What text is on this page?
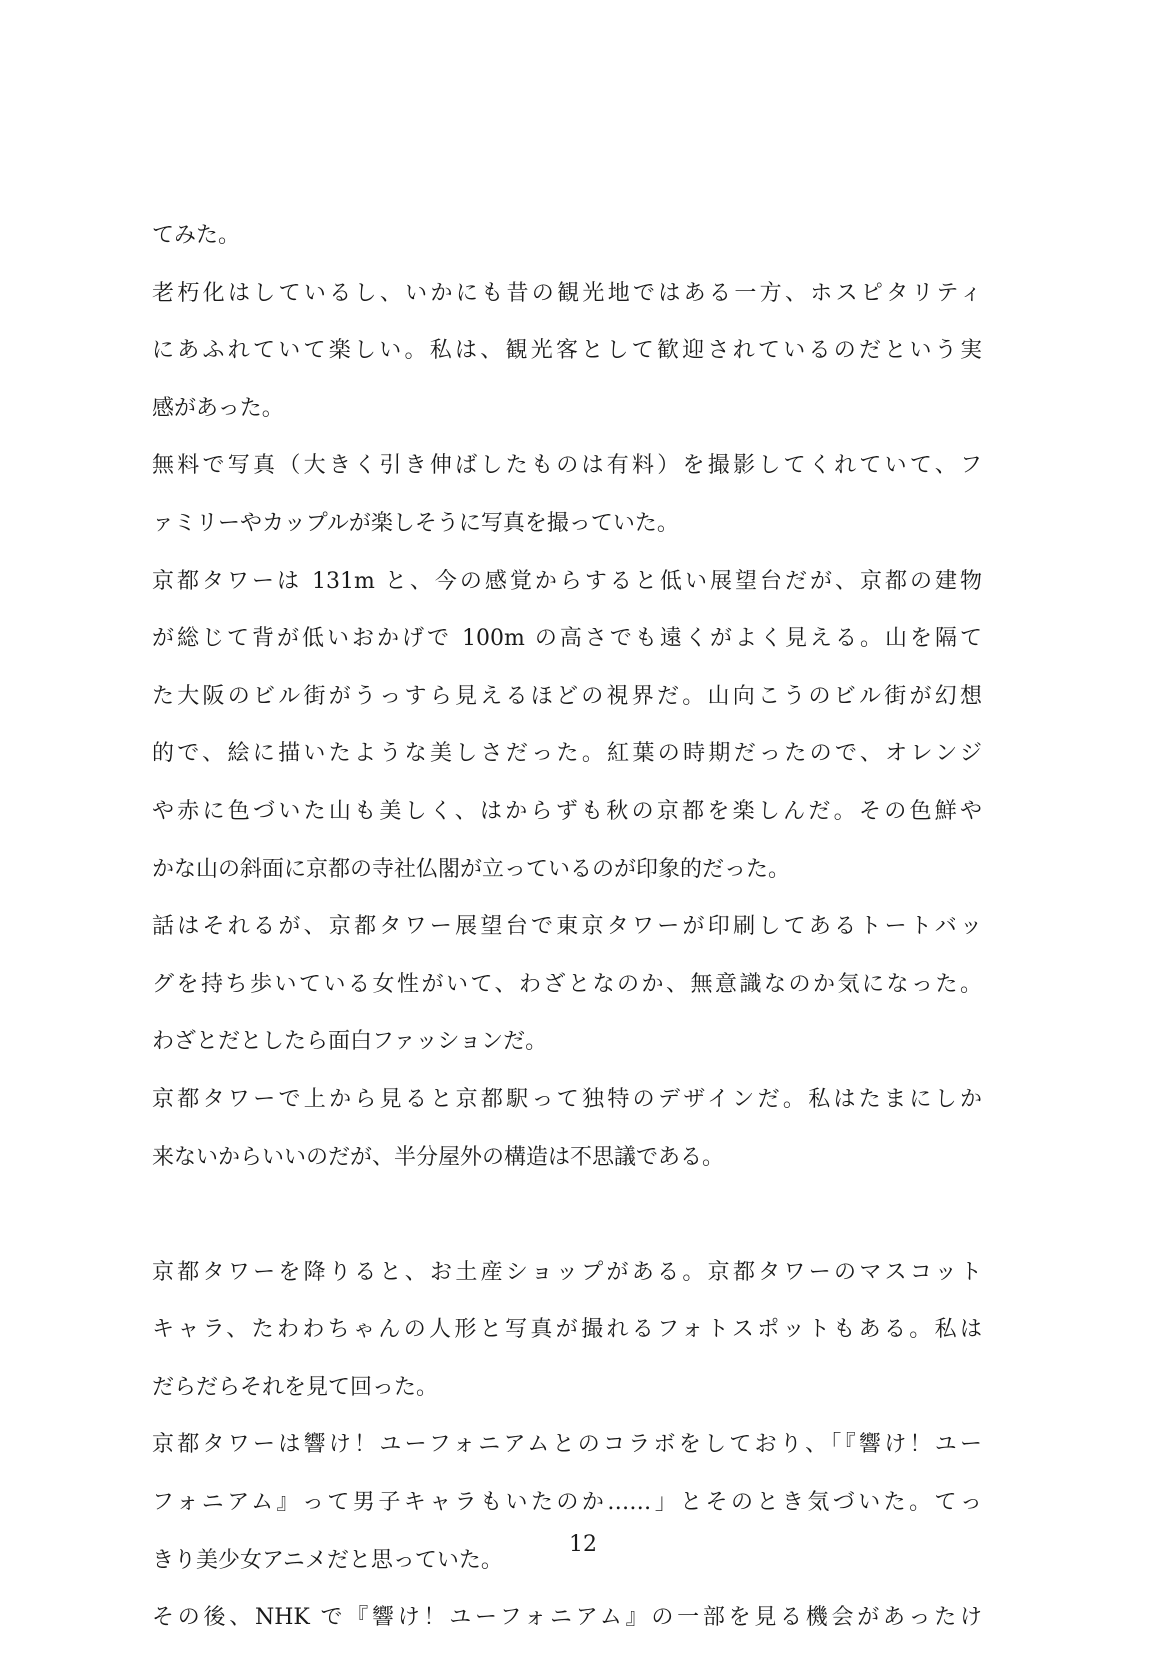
てみた。
老朽化はしているし、いかにも昔の観光地ではある一方、ホスピタリティ
にあふれていて楽しい。私は、観光客として歓迎されているのだという実
感があった。
無料で写真（大きく引き伸ばしたものは有料）を撮影してくれていて、フ
ァミリーやカップルが楽しそうに写真を撮っていた。
京都タワーは 131m と、今の感覚からすると低い展望台だが、京都の建物
が総じて背が低いおかげで 100m の高さでも遠くがよく見える。山を隔て
た大阪のビル街がうっすら見えるほどの視界だ。山向こうのビル街が幻想
的で、絵に描いたような美しさだった。紅葉の時期だったので、オレンジ
や赤に色づいた山も美しく、はからずも秋の京都を楽しんだ。その色鮮や
かな山の斜面に京都の寺社仏閣が立っているのが印象的だった。
話はそれるが、京都タワー展望台で東京タワーが印刷してあるトートバッ
グを持ち歩いている女性がいて、わざとなのか、無意識なのか気になった。
わざとだとしたら面白ファッションだ。
京都タワーで上から見ると京都駅って独特のデザインだ。私はたまにしか
来ないからいいのだが、半分屋外の構造は不思議である。
京都タワーを降りると、お土産ショップがある。京都タワーのマスコット
キャラ、たわわちゃんの人形と写真が撮れるフォトスポットもある。私は
だらだらそれを見て回った。
京都タワーは響け！ユーフォニアムとのコラボをしており、「『響け！ユー
フォニアム』って男子キャラもいたのか……」とそのとき気づいた。てっ
きり美少女アニメだと思っていた。
その後、NHK で『響け！ユーフォニアム』の一部を見る機会があったけ
12
